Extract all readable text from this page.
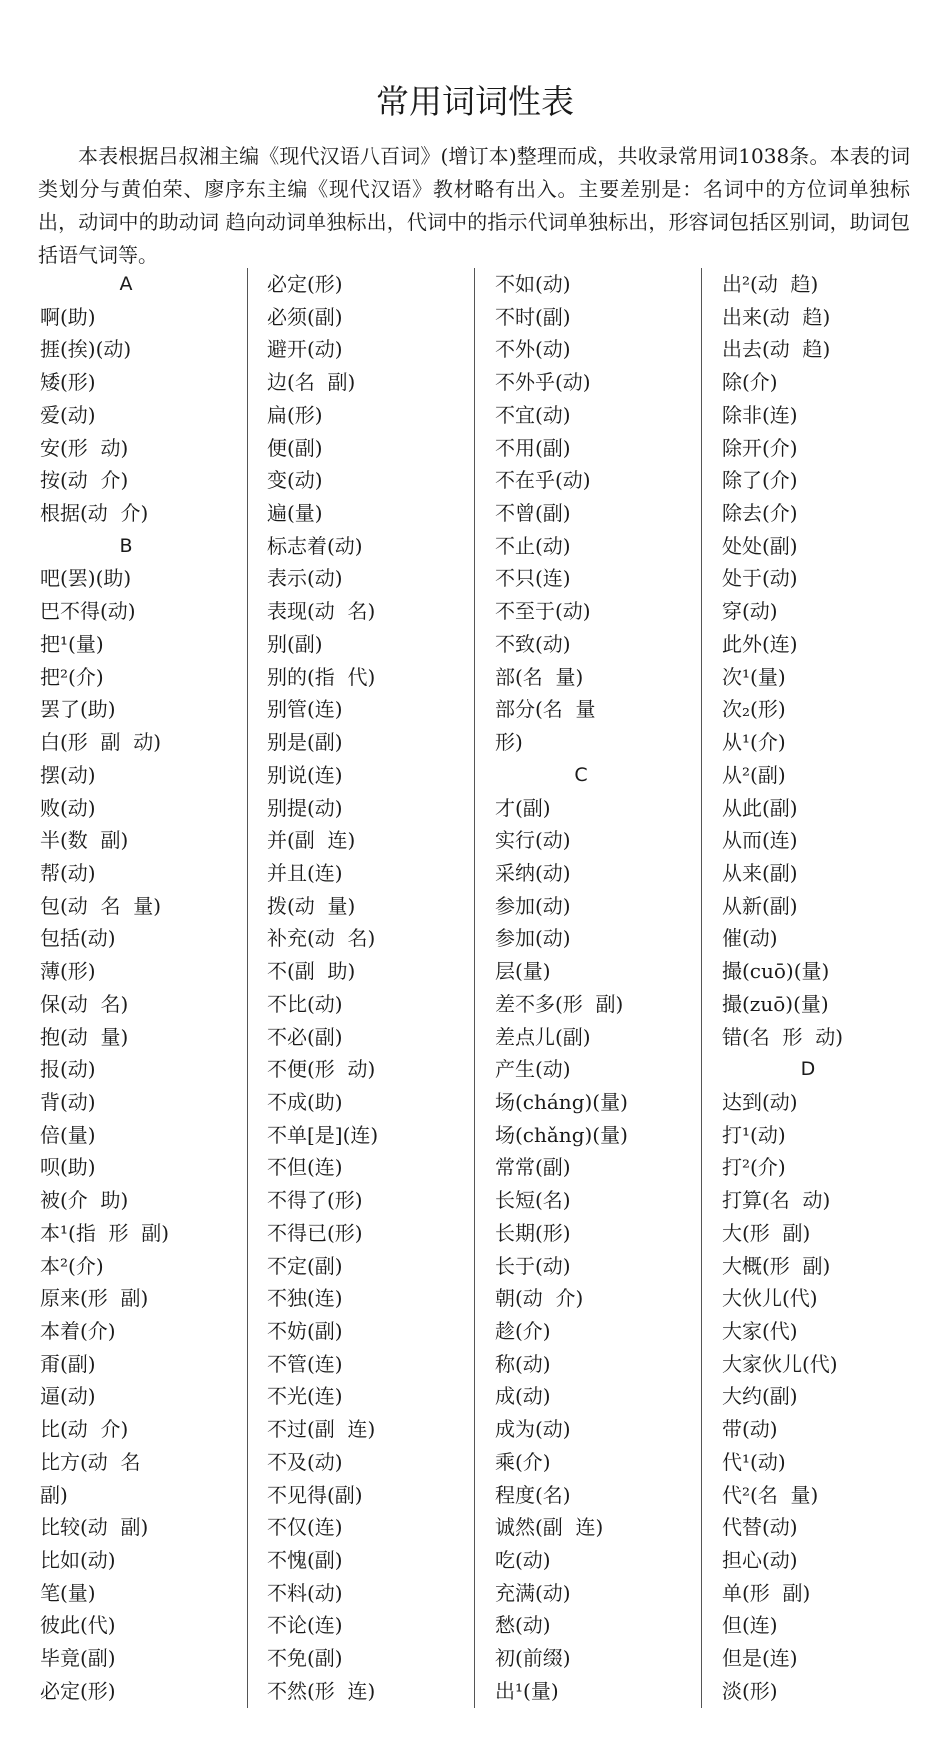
常用词词性表

本表根据吕叔湘主编《现代汉语八百词》(增订本)整理而成，共收录常用词1038条。本表的词类划分与黄伯荣、廖序东主编《现代汉语》教材略有出入。主要差别是：名词中的方位词单独标出，动词中的助动词 趋向动词单独标出，代词中的指示代词单独标出，形容词包括区别词，助词包括语气词等。

A
啊(助)
捱(挨)(动)
矮(形)
爱(动)
安(形  动)
按(动  介)
根据(动  介)
B
吧(罢)(助)
巴不得(动)
把¹(量)
把²(介)
罢了(助)
白(形  副  动)
摆(动)
败(动)
半(数  副)
帮(动)
包(动  名  量)
包括(动)
薄(形)
保(动  名)
抱(动  量)
报(动)
背(动)
倍(量)
呗(助)
被(介  助)
本¹(指  形  副)
本²(介)
原来(形  副)
本着(介)
甭(副)
逼(动)
比(动  介)
比方(动  名
副)
比较(动  副)
比如(动)
笔(量)
彼此(代)
毕竟(副)
必定(形)
必定(形)
必须(副)
避开(动)
边(名  副)
扁(形)
便(副)
变(动)
遍(量)
标志着(动)
表示(动)
表现(动  名)
别(副)
别的(指  代)
别管(连)
别是(副)
别说(连)
别提(动)
并(副  连)
并且(连)
拨(动  量)
补充(动  名)
不(副  助)
不比(动)
不必(副)
不便(形  动)
不成(助)
不单[是](连)
不但(连)
不得了(形)
不得已(形)
不定(副)
不独(连)
不妨(副)
不管(连)
不光(连)
不过(副  连)
不及(动)
不见得(副)
不仅(连)
不愧(副)
不料(动)
不论(连)
不免(副)
不然(形  连)
不如(动)
不时(副)
不外(动)
不外乎(动)
不宜(动)
不用(副)
不在乎(动)
不曾(副)
不止(动)
不只(连)
不至于(动)
不致(动)
部(名  量)
部分(名  量
形)
C
才(副)
实行(动)
采纳(动)
参加(动)
参加(动)
层(量)
差不多(形  副)
差点儿(副)
产生(动)
场(cháng)(量)
场(chǎng)(量)
常常(副)
长短(名)
长期(形)
长于(动)
朝(动  介)
趁(介)
称(动)
成(动)
成为(动)
乘(介)
程度(名)
诚然(副  连)
吃(动)
充满(动)
愁(动)
初(前缀)
出¹(量)
出²(动  趋)
出来(动  趋)
出去(动  趋)
除(介)
除非(连)
除开(介)
除了(介)
除去(介)
处处(副)
处于(动)
穿(动)
此外(连)
次¹(量)
次₂(形)
从¹(介)
从²(副)
从此(副)
从而(连)
从来(副)
从新(副)
催(动)
撮(cuō)(量)
撮(zuō)(量)
错(名  形  动)
D
达到(动)
打¹(动)
打²(介)
打算(名  动)
大(形  副)
大概(形  副)
大伙儿(代)
大家(代)
大家伙儿(代)
大约(副)
带(动)
代¹(动)
代²(名  量)
代替(动)
担心(动)
单(形  副)
但(连)
但是(连)
淡(形)
